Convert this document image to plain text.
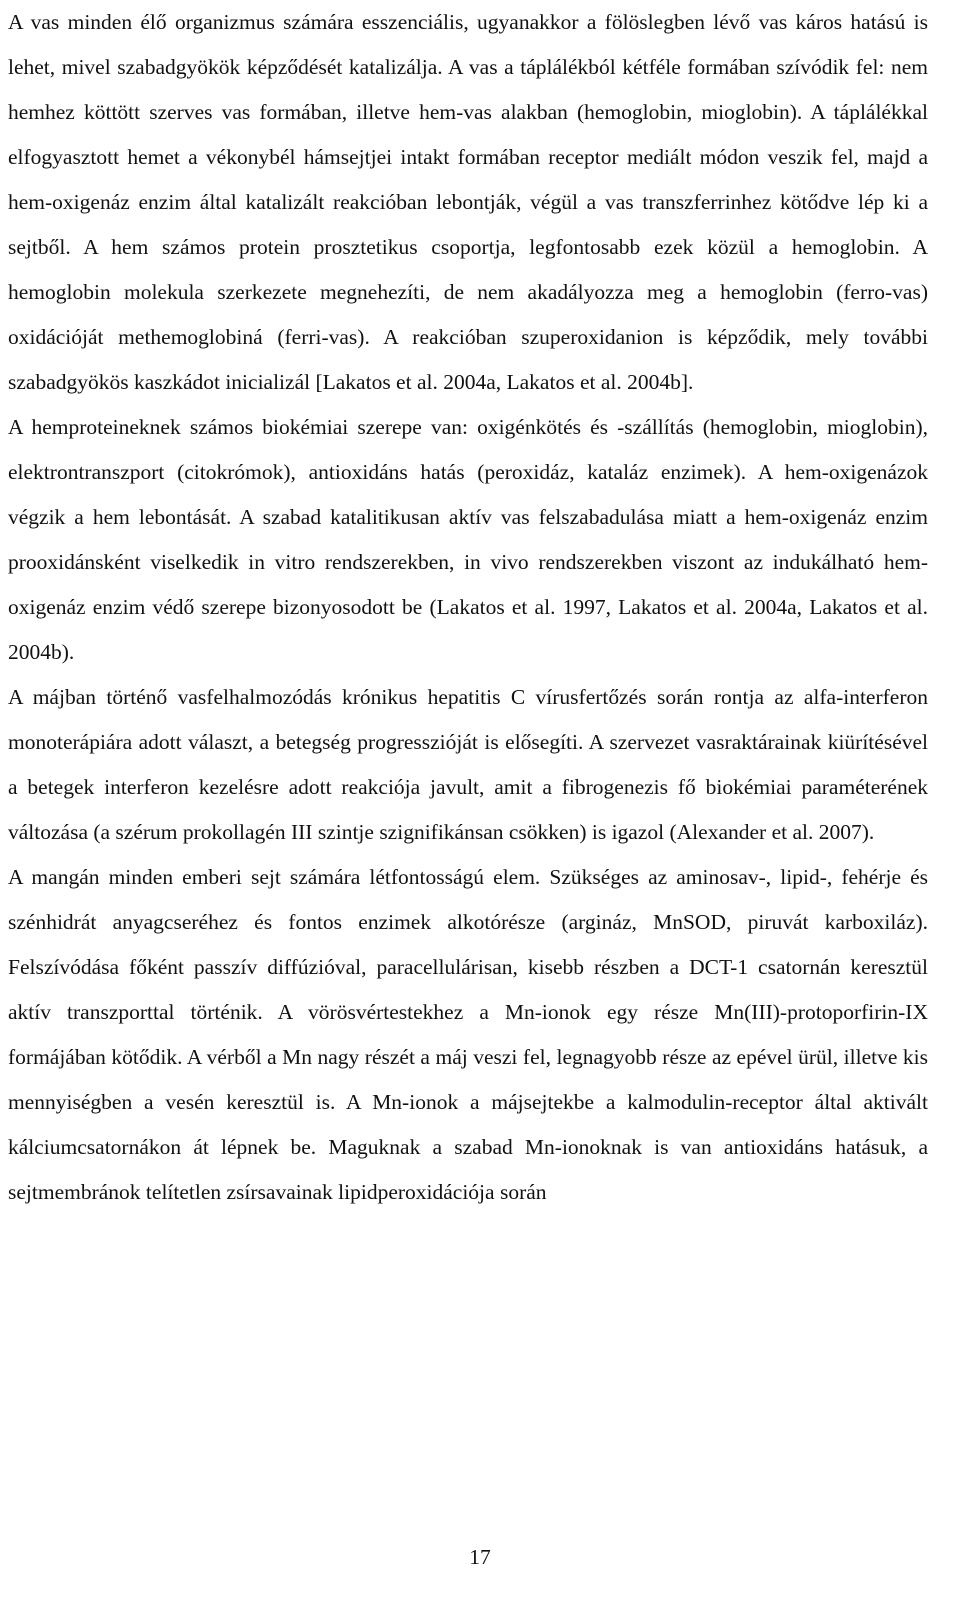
A vas minden élő organizmus számára esszenciális, ugyanakkor a fölöslegben lévő vas káros hatású is lehet, mivel szabadgyökök képződését katalizálja. A vas a táplálékból kétféle formában szívódik fel: nem hemhez köttött szerves vas formában, illetve hem-vas alakban (hemoglobin, mioglobin). A táplálékkal elfogyasztott hemet a vékonybél hámsejtjei intakt formában receptor mediált módon veszik fel, majd a hem-oxigenáz enzim által katalizált reakcióban lebontják, végül a vas transzferrinhez kötődve lép ki a sejtből. A hem számos protein prosztetikus csoportja, legfontosabb ezek közül a hemoglobin. A hemoglobin molekula szerkezete megnehezíti, de nem akadályozza meg a hemoglobin (ferro-vas) oxidációját methemoglobiná (ferri-vas). A reakcióban szuperoxidanion is képződik, mely további szabadgyökös kaszkádot inicializál [Lakatos et al. 2004a, Lakatos et al. 2004b].

A hemproteineknek számos biokémiai szerepe van: oxigénkötés és -szállítás (hemoglobin, mioglobin), elektrontranszport (citokrómok), antioxidáns hatás (peroxidáz, kataláz enzimek). A hem-oxigenázok végzik a hem lebontását. A szabad katalitikusan aktív vas felszabadulása miatt a hem-oxigenáz enzim prooxidánsként viselkedik in vitro rendszerekben, in vivo rendszerekben viszont az indukálható hem-oxigenáz enzim védő szerepe bizonyosodott be (Lakatos et al. 1997, Lakatos et al. 2004a, Lakatos et al. 2004b).

A májban történő vasfelhalmozódás krónikus hepatitis C vírusfertőzés során rontja az alfa-interferon monoterápiára adott választ, a betegség progresszióját is elősegíti. A szervezet vasraktárainak kiürítésével a betegek interferon kezelésre adott reakciója javult, amit a fibrogenezis fő biokémiai paraméterének változása (a szérum prokollagén III szintje szignifikánsan csökken) is igazol (Alexander et al. 2007).

A mangán minden emberi sejt számára létfontosságú elem. Szükséges az aminosav-, lipid-, fehérje és szénhidrát anyagcseréhez és fontos enzimek alkotórésze (argináz, MnSOD, piruvát karboxiláz). Felszívódása főként passzív diffúzióval, paracellulárisan, kisebb részben a DCT-1 csatornán keresztül aktív transzporttal történik. A vörösvértestekhez a Mn-ionok egy része Mn(III)-protoporfirin-IX formájában kötődik. A vérből a Mn nagy részét a máj veszi fel, legnagyobb része az epével ürül, illetve kis mennyiségben a vesén keresztül is. A Mn-ionok a májsejtekbe a kalmodulin-receptor által aktivált kálciumcsatornákon át lépnek be. Maguknak a szabad Mn-ionoknak is van antioxidáns hatásuk, a sejtmembránok telítetlen zsírsavainak lipidperoxidációja során

17
